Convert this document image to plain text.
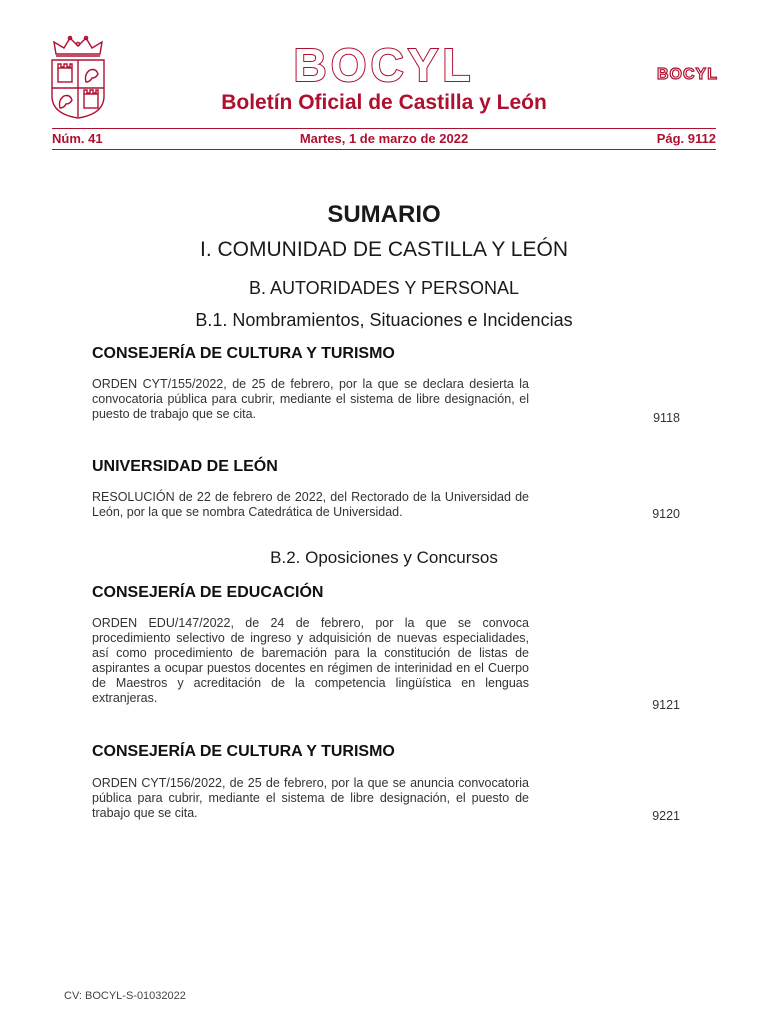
BOCYL	BOCYL
Boletín Oficial de Castilla y León
Núm. 41	Martes, 1 de marzo de 2022	Pág. 9112
SUMARIO
I. COMUNIDAD DE CASTILLA Y LEÓN
B. AUTORIDADES Y PERSONAL
B.1. Nombramientos, Situaciones e Incidencias
CONSEJERÍA DE CULTURA Y TURISMO
ORDEN CYT/155/2022, de 25 de febrero, por la que se declara desierta la convocatoria pública para cubrir, mediante el sistema de libre designación, el puesto de trabajo que se cita.	9118
UNIVERSIDAD DE LEÓN
RESOLUCIÓN de 22 de febrero de 2022, del Rectorado de la Universidad de León, por la que se nombra Catedrática de Universidad.	9120
B.2. Oposiciones y Concursos
CONSEJERÍA DE EDUCACIÓN
ORDEN EDU/147/2022, de 24 de febrero, por la que se convoca procedimiento selectivo de ingreso y adquisición de nuevas especialidades, así como procedimiento de baremación para la constitución de listas de aspirantes a ocupar puestos docentes en régimen de interinidad en el Cuerpo de Maestros y acreditación de la competencia lingüística en lenguas extranjeras.	9121
CONSEJERÍA DE CULTURA Y TURISMO
ORDEN CYT/156/2022, de 25 de febrero, por la que se anuncia convocatoria pública para cubrir, mediante el sistema de libre designación, el puesto de trabajo que se cita.	9221
CV: BOCYL-S-01032022
